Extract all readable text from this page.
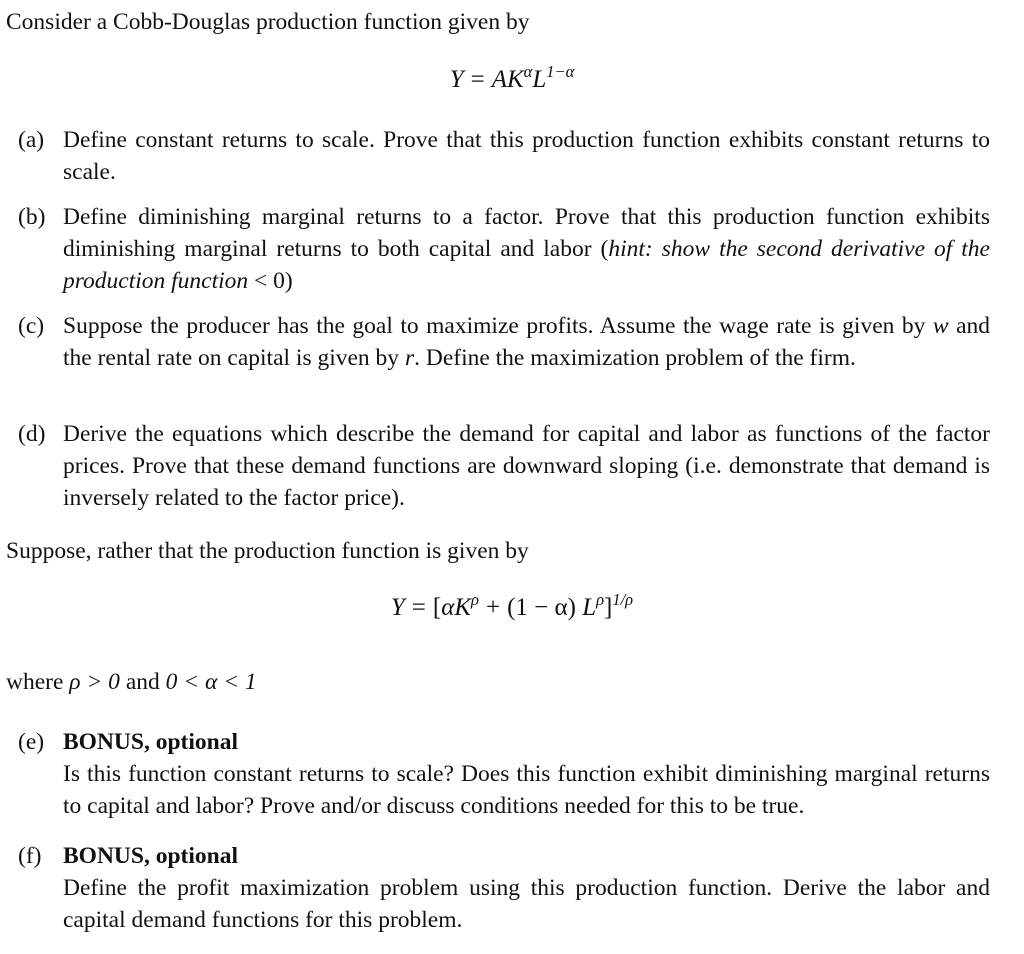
Consider a Cobb-Douglas production function given by

$Y = AK^\alpha L^{1-\alpha}$
(a) Define constant returns to scale. Prove that this production function exhibits constant returns to scale.
(b) Define diminishing marginal returns to a factor. Prove that this production function exhibits diminishing marginal returns to both capital and labor (hint: show the second derivative of the production function < 0)
(c) Suppose the producer has the goal to maximize profits. Assume the wage rate is given by w and the rental rate on capital is given by r. Define the maximization problem of the firm.
(d) Derive the equations which describe the demand for capital and labor as functions of the factor prices. Prove that these demand functions are downward sloping (i.e. demonstrate that demand is inversely related to the factor price).

Suppose, rather that the production function is given by

$Y = [\alpha K^\rho + (1 - \alpha)$ $L^\rho]^{1/\rho}$

where ρ > 0 and 0 < α < 1

(e) BONUS, optional
Is this function constant returns to scale? Does this function exhibit diminishing marginal returns to capital and labor? Prove and/or discuss conditions needed for this to be true.
(f) BONUS, optional
Define the profit maximization problem using this production function. Derive the labor and capital demand functions for this problem.
